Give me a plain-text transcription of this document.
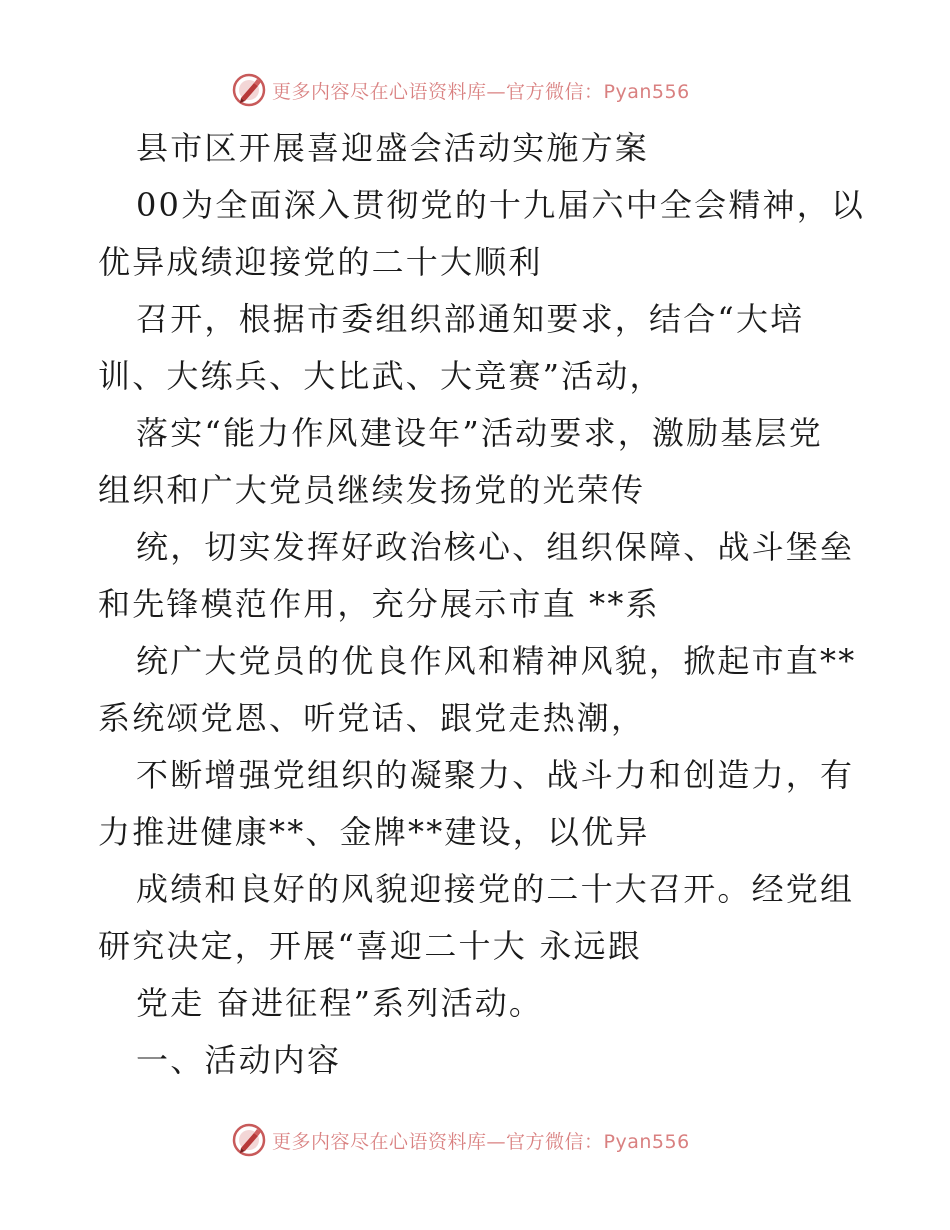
更多内容尽在心语资料库—官方微信：Pyan556
县市区开展喜迎盛会活动实施方案
00为全面深入贯彻党的十九届六中全会精神，以
优异成绩迎接党的二十大顺利
召开，根据市委组织部通知要求，结合“大培
训、大练兵、大比武、大竞赛”活动，
落实“能力作风建设年”活动要求，激励基层党
组织和广大党员继续发扬党的光荣传
统，切实发挥好政治核心、组织保障、战斗堡垒
和先锋模范作用，充分展示市直 **系
统广大党员的优良作风和精神风貌，掀起市直**
系统颂党恩、听党话、跟党走热潮，
不断增强党组织的凝聚力、战斗力和创造力，有
力推进健康**、金牌**建设，以优异
成绩和良好的风貌迎接党的二十大召开。经党组
研究决定，开展“喜迎二十大 永远跟
党走 奋进征程”系列活动。
一、活动内容
更多内容尽在心语资料库—官方微信：Pyan556
